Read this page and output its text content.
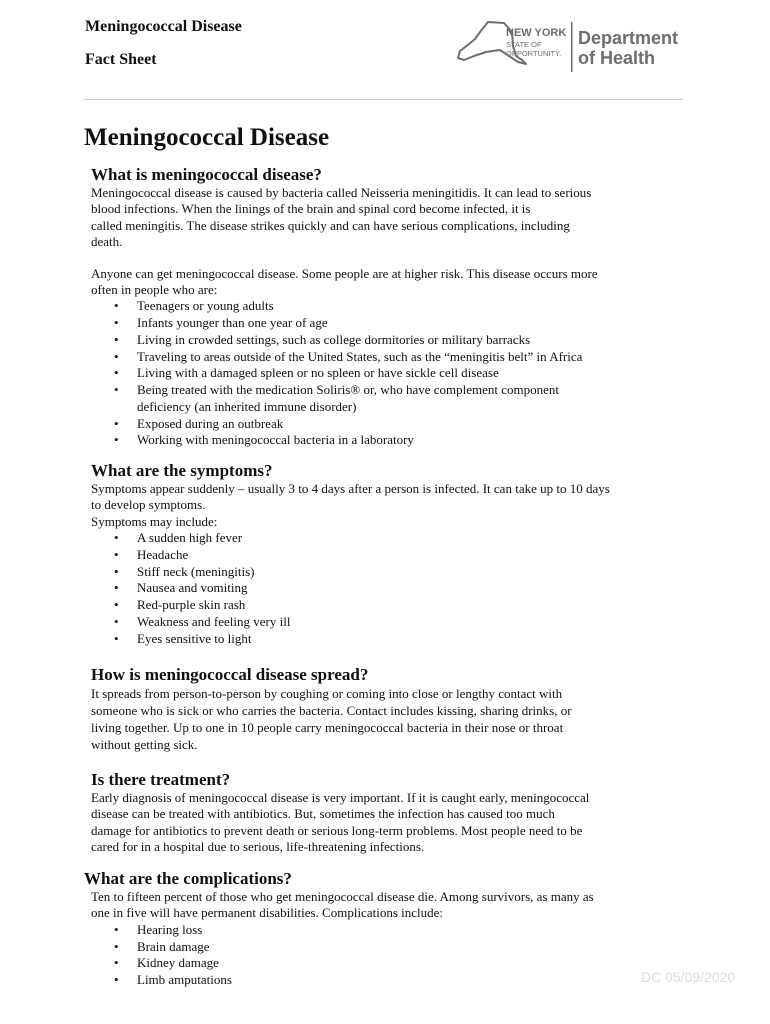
Meningococcal Disease
Fact Sheet
NEW YORK
STATE OF
OPPORTUNITY.
Department
of Health
Meningococcal Disease
What is meningococcal disease?

Meningococcal disease is caused by bacteria called Neisseria meningitidis. It can lead to serious
blood infections. When the linings of the brain and spinal cord become infected, it is
called meningitis. The disease strikes quickly and can have serious complications, including
death.

Anyone can get meningococcal disease. Some people are at higher risk. This disease occurs more
often in people who are:

• Teenagers or young adults
• Infants younger than one year of age
• Living in crowded settings, such as college dormitories or military barracks
• Traveling to areas outside of the United States, such as the “meningitis belt” in Africa
• Living with a damaged spleen or no spleen or have sickle cell disease
• Being treated with the medication Soliris® or, who have complement component
deficiency (an inherited immune disorder)
• Exposed during an outbreak
• Working with meningococcal bacteria in a laboratory
What are the symptoms?

Symptoms appear suddenly – usually 3 to 4 days after a person is infected. It can take up to 10 days
to develop symptoms.
Symptoms may include:

• A sudden high fever
• Headache
• Stiff neck (meningitis)
• Nausea and vomiting
• Red-purple skin rash
• Weakness and feeling very ill
• Eyes sensitive to light
How is meningococcal disease spread?

It spreads from person-to-person by coughing or coming into close or lengthy contact with
someone who is sick or who carries the bacteria. Contact includes kissing, sharing drinks, or
living together. Up to one in 10 people carry meningococcal bacteria in their nose or throat
without getting sick.

Is there treatment?

Early diagnosis of meningococcal disease is very important. If it is caught early, meningococcal
disease can be treated with antibiotics. But, sometimes the infection has caused too much
damage for antibiotics to prevent death or serious long-term problems. Most people need to be
cared for in a hospital due to serious, life-threatening infections.

What are the complications?

Ten to fifteen percent of those who get meningococcal disease die. Among survivors, as many as
one in five will have permanent disabilities. Complications include:

• Hearing loss
• Brain damage
• Kidney damage
• Limb amputations	DC 05/09/2020
